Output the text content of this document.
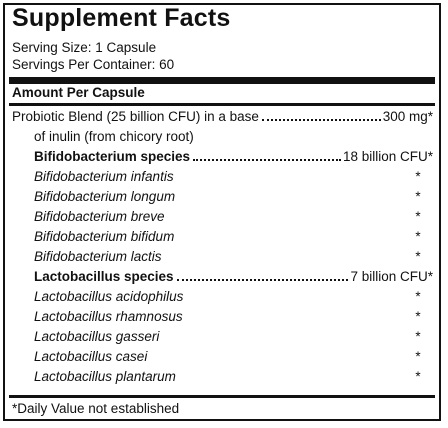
Supplement Facts
Serving Size: 1 Capsule
Servings Per Container: 60
Amount Per Capsule
Probiotic Blend (25 billion CFU) in a base	300 mg*
of inulin (from chicory root)
Bifidobacterium species	18 billion CFU*
Bifidobacterium infantis	*
Bifidobacterium longum	*
Bifidobacterium breve	*
Bifidobacterium bifidum	*
Bifidobacterium lactis	*
Lactobacillus species	7 billion CFU*
Lactobacillus acidophilus	*
Lactobacillus rhamnosus	*
Lactobacillus gasseri	*
Lactobacillus casei	*
Lactobacillus plantarum	*
*Daily Value not established
